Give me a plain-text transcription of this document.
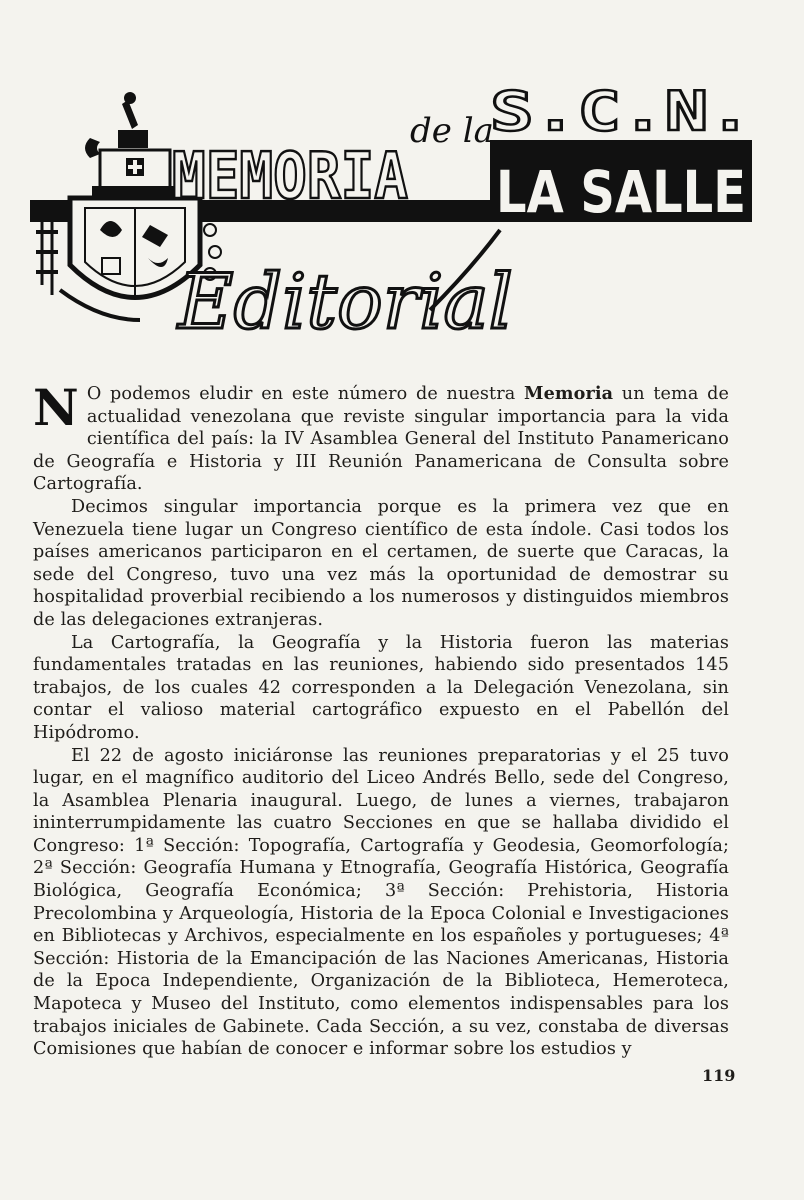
MEMORIA
de la
S.C.N.
LA SALLE
Editorial

N O podemos eludir en este número de nuestra Memoria un tema de actualidad venezolana que reviste singular importancia para la vida científica del país: la IV Asamblea General del Instituto Panamericano de Geografía e Historia y III Reunión Panamericana de Consulta sobre Cartografía.

Decimos singular importancia porque es la primera vez que en Venezuela tiene lugar un Congreso científico de esta índole. Casi todos los países americanos participaron en el certamen, de suerte que Caracas, la sede del Congreso, tuvo una vez más la oportunidad de demostrar su hospitalidad proverbial recibiendo a los numerosos y distinguidos miembros de las delegaciones extranjeras.

La Cartografía, la Geografía y la Historia fueron las materias fundamentales tratadas en las reuniones, habiendo sido presentados 145 trabajos, de los cuales 42 corresponden a la Delegación Venezolana, sin contar el valioso material cartográfico expuesto en el Pabellón del Hipódromo.

El 22 de agosto iniciáronse las reuniones preparatorias y el 25 tuvo lugar, en el magnífico auditorio del Liceo Andrés Bello, sede del Congreso, la Asamblea Plenaria inaugural. Luego, de lunes a viernes, trabajaron ininterrumpidamente las cuatro Secciones en que se hallaba dividido el Congreso: 1ª Sección: Topografía, Cartografía y Geodesia, Geomorfología; 2ª Sección: Geografía Humana y Etnografía, Geografía Histórica, Geografía Biológica, Geografía Económica; 3ª Sección: Prehistoria, Historia Precolombina y Arqueología, Historia de la Epoca Colonial e Investigaciones en Bibliotecas y Archivos, especialmente en los españoles y portugueses; 4ª Sección: Historia de la Emancipación de las Naciones Americanas, Historia de la Epoca Independiente, Organización de la Biblioteca, Hemeroteca, Mapoteca y Museo del Instituto, como elementos indispensables para los trabajos iniciales de Gabinete. Cada Sección, a su vez, constaba de diversas Comisiones que habían de conocer e informar sobre los estudios y

119
